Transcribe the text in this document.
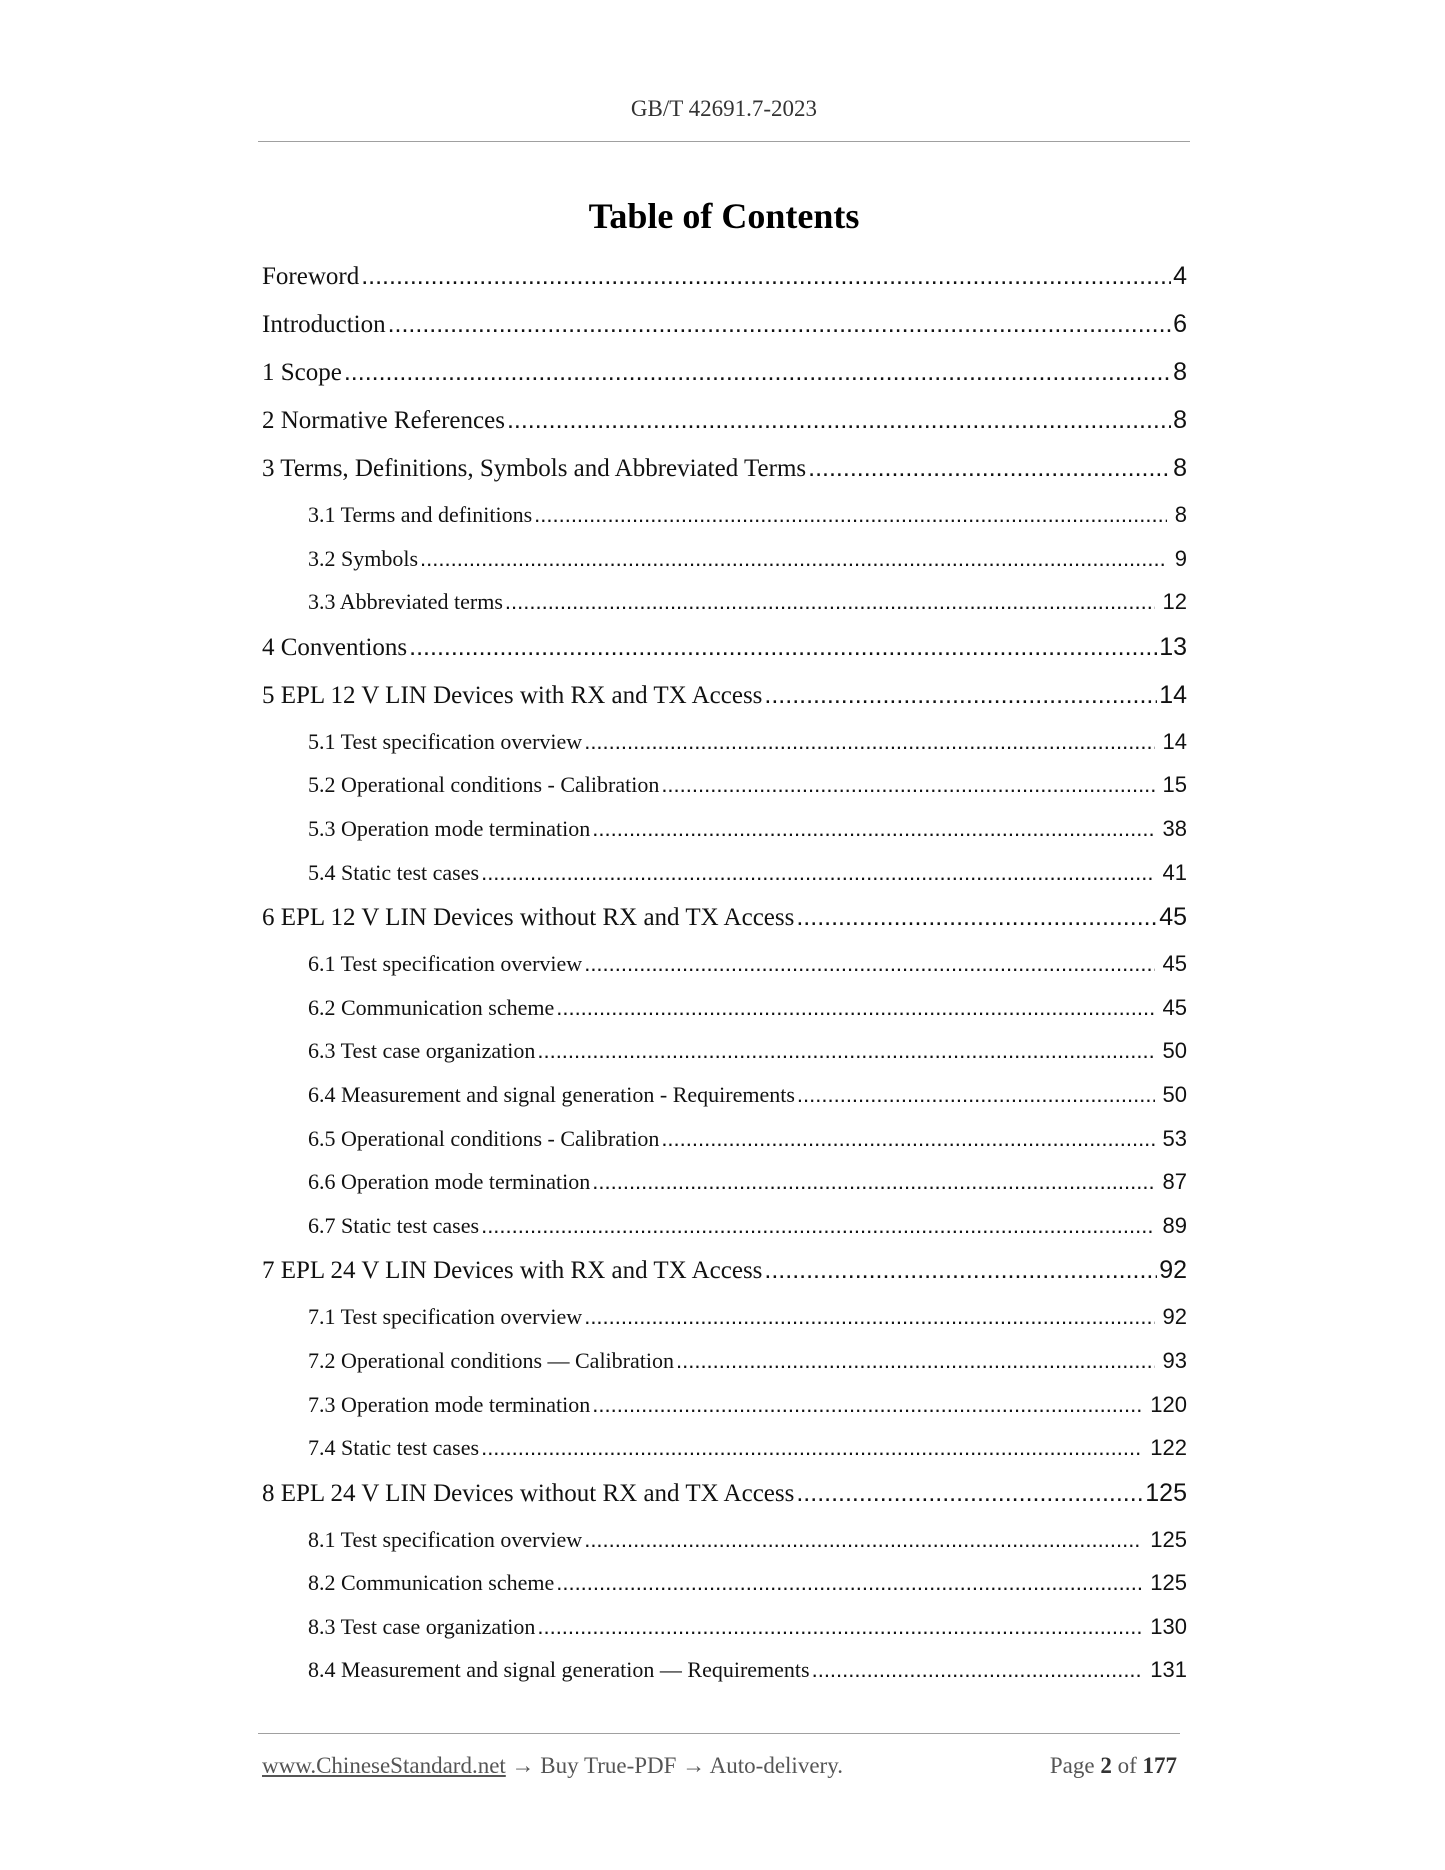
GB/T 42691.7-2023
Table of Contents
Foreword .....	4
Introduction .....	6
1 Scope .....	8
2 Normative References .....	8
3 Terms, Definitions, Symbols and Abbreviated Terms .....	8
3.1 Terms and definitions .....	8
3.2 Symbols .....	9
3.3 Abbreviated terms .....	12
4 Conventions .....	13
5 EPL 12 V LIN Devices with RX and TX Access .....	14
5.1 Test specification overview .....	14
5.2 Operational conditions - Calibration .....	15
5.3 Operation mode termination .....	38
5.4 Static test cases .....	41
6 EPL 12 V LIN Devices without RX and TX Access .....	45
6.1 Test specification overview .....	45
6.2 Communication scheme .....	45
6.3 Test case organization .....	50
6.4 Measurement and signal generation - Requirements .....	50
6.5 Operational conditions - Calibration .....	53
6.6 Operation mode termination .....	87
6.7 Static test cases .....	89
7 EPL 24 V LIN Devices with RX and TX Access .....	92
7.1 Test specification overview .....	92
7.2 Operational conditions — Calibration .....	93
7.3 Operation mode termination .....	120
7.4 Static test cases .....	122
8 EPL 24 V LIN Devices without RX and TX Access .....	125
8.1 Test specification overview .....	125
8.2 Communication scheme .....	125
8.3 Test case organization .....	130
8.4 Measurement and signal generation — Requirements .....	131
www.ChineseStandard.net → Buy True-PDF → Auto-delivery.	Page 2 of 177
